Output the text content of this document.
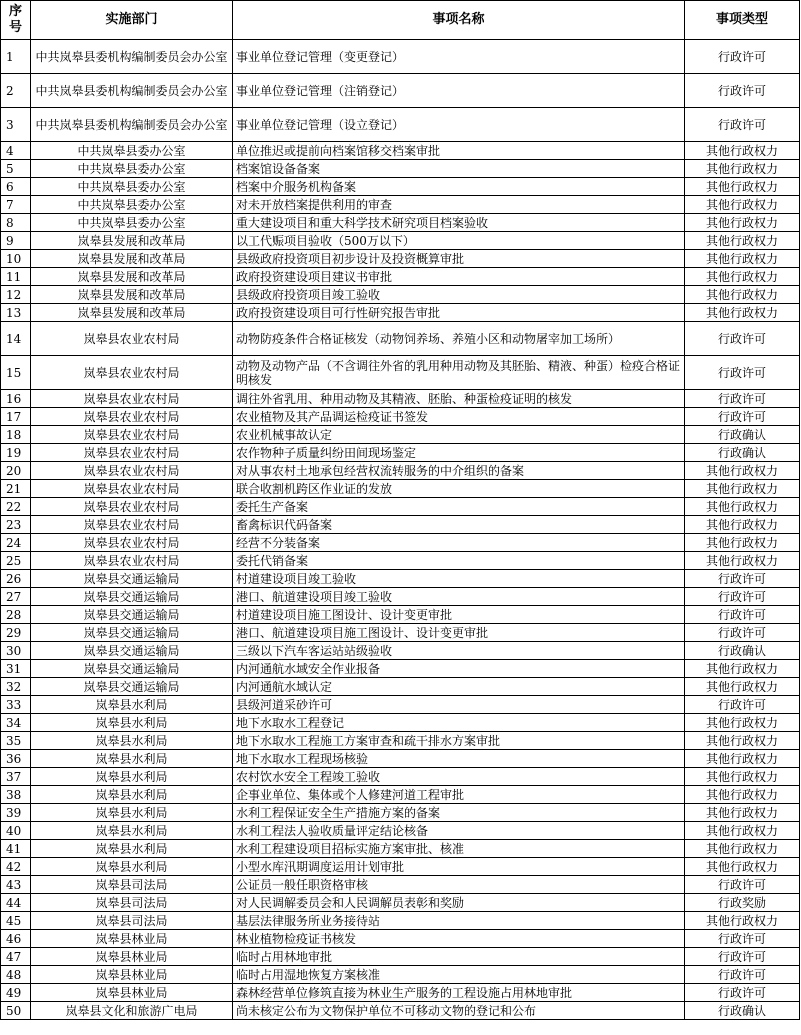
序号	实施部门	事项名称	事项类型
1	中共岚皋县委机构编制委员会办公室	事业单位登记管理（变更登记）	行政许可
2	中共岚皋县委机构编制委员会办公室	事业单位登记管理（注销登记）	行政许可
3	中共岚皋县委机构编制委员会办公室	事业单位登记管理（设立登记）	行政许可
4	中共岚皋县委办公室	单位推迟或提前向档案馆移交档案审批	其他行政权力
5	中共岚皋县委办公室	档案馆设备备案	其他行政权力
6	中共岚皋县委办公室	档案中介服务机构备案	其他行政权力
7	中共岚皋县委办公室	对未开放档案提供利用的审查	其他行政权力
8	中共岚皋县委办公室	重大建设项目和重大科学技术研究项目档案验收	其他行政权力
9	岚皋县发展和改革局	以工代赈项目验收（500万以下）	其他行政权力
10	岚皋县发展和改革局	县级政府投资项目初步设计及投资概算审批	其他行政权力
11	岚皋县发展和改革局	政府投资建设项目建议书审批	其他行政权力
12	岚皋县发展和改革局	县级政府投资项目竣工验收	其他行政权力
13	岚皋县发展和改革局	政府投资建设项目可行性研究报告审批	其他行政权力
14	岚皋县农业农村局	动物防疫条件合格证核发（动物饲养场、养殖小区和动物屠宰加工场所）	行政许可
15	岚皋县农业农村局	动物及动物产品（不含调往外省的乳用种用动物及其胚胎、精液、种蛋）检疫合格证明核发	行政许可
16	岚皋县农业农村局	调往外省乳用、种用动物及其精液、胚胎、种蛋检疫证明的核发	行政许可
17	岚皋县农业农村局	农业植物及其产品调运检疫证书签发	行政许可
18	岚皋县农业农村局	农业机械事故认定	行政确认
19	岚皋县农业农村局	农作物种子质量纠纷田间现场鉴定	行政确认
20	岚皋县农业农村局	对从事农村土地承包经营权流转服务的中介组织的备案	其他行政权力
21	岚皋县农业农村局	联合收割机跨区作业证的发放	其他行政权力
22	岚皋县农业农村局	委托生产备案	其他行政权力
23	岚皋县农业农村局	畜禽标识代码备案	其他行政权力
24	岚皋县农业农村局	经营不分装备案	其他行政权力
25	岚皋县农业农村局	委托代销备案	其他行政权力
26	岚皋县交通运输局	村道建设项目竣工验收	行政许可
27	岚皋县交通运输局	港口、航道建设项目竣工验收	行政许可
28	岚皋县交通运输局	村道建设项目施工图设计、设计变更审批	行政许可
29	岚皋县交通运输局	港口、航道建设项目施工图设计、设计变更审批	行政许可
30	岚皋县交通运输局	三级以下汽车客运站站级验收	行政确认
31	岚皋县交通运输局	内河通航水域安全作业报备	其他行政权力
32	岚皋县交通运输局	内河通航水域认定	其他行政权力
33	岚皋县水利局	县级河道采砂许可	行政许可
34	岚皋县水利局	地下水取水工程登记	其他行政权力
35	岚皋县水利局	地下水取水工程施工方案审查和疏干排水方案审批	其他行政权力
36	岚皋县水利局	地下水取水工程现场核验	其他行政权力
37	岚皋县水利局	农村饮水安全工程竣工验收	其他行政权力
38	岚皋县水利局	企事业单位、集体或个人修建河道工程审批	其他行政权力
39	岚皋县水利局	水利工程保证安全生产措施方案的备案	其他行政权力
40	岚皋县水利局	水利工程法人验收质量评定结论核备	其他行政权力
41	岚皋县水利局	水利工程建设项目招标实施方案审批、核准	其他行政权力
42	岚皋县水利局	小型水库汛期调度运用计划审批	其他行政权力
43	岚皋县司法局	公证员一般任职资格审核	行政许可
44	岚皋县司法局	对人民调解委员会和人民调解员表彰和奖励	行政奖励
45	岚皋县司法局	基层法律服务所业务接待站	其他行政权力
46	岚皋县林业局	林业植物检疫证书核发	行政许可
47	岚皋县林业局	临时占用林地审批	行政许可
48	岚皋县林业局	临时占用湿地恢复方案核准	行政许可
49	岚皋县林业局	森林经营单位修筑直接为林业生产服务的工程设施占用林地审批	行政许可
50	岚皋县文化和旅游广电局	尚未核定公布为文物保护单位不可移动文物的登记和公布	行政确认
